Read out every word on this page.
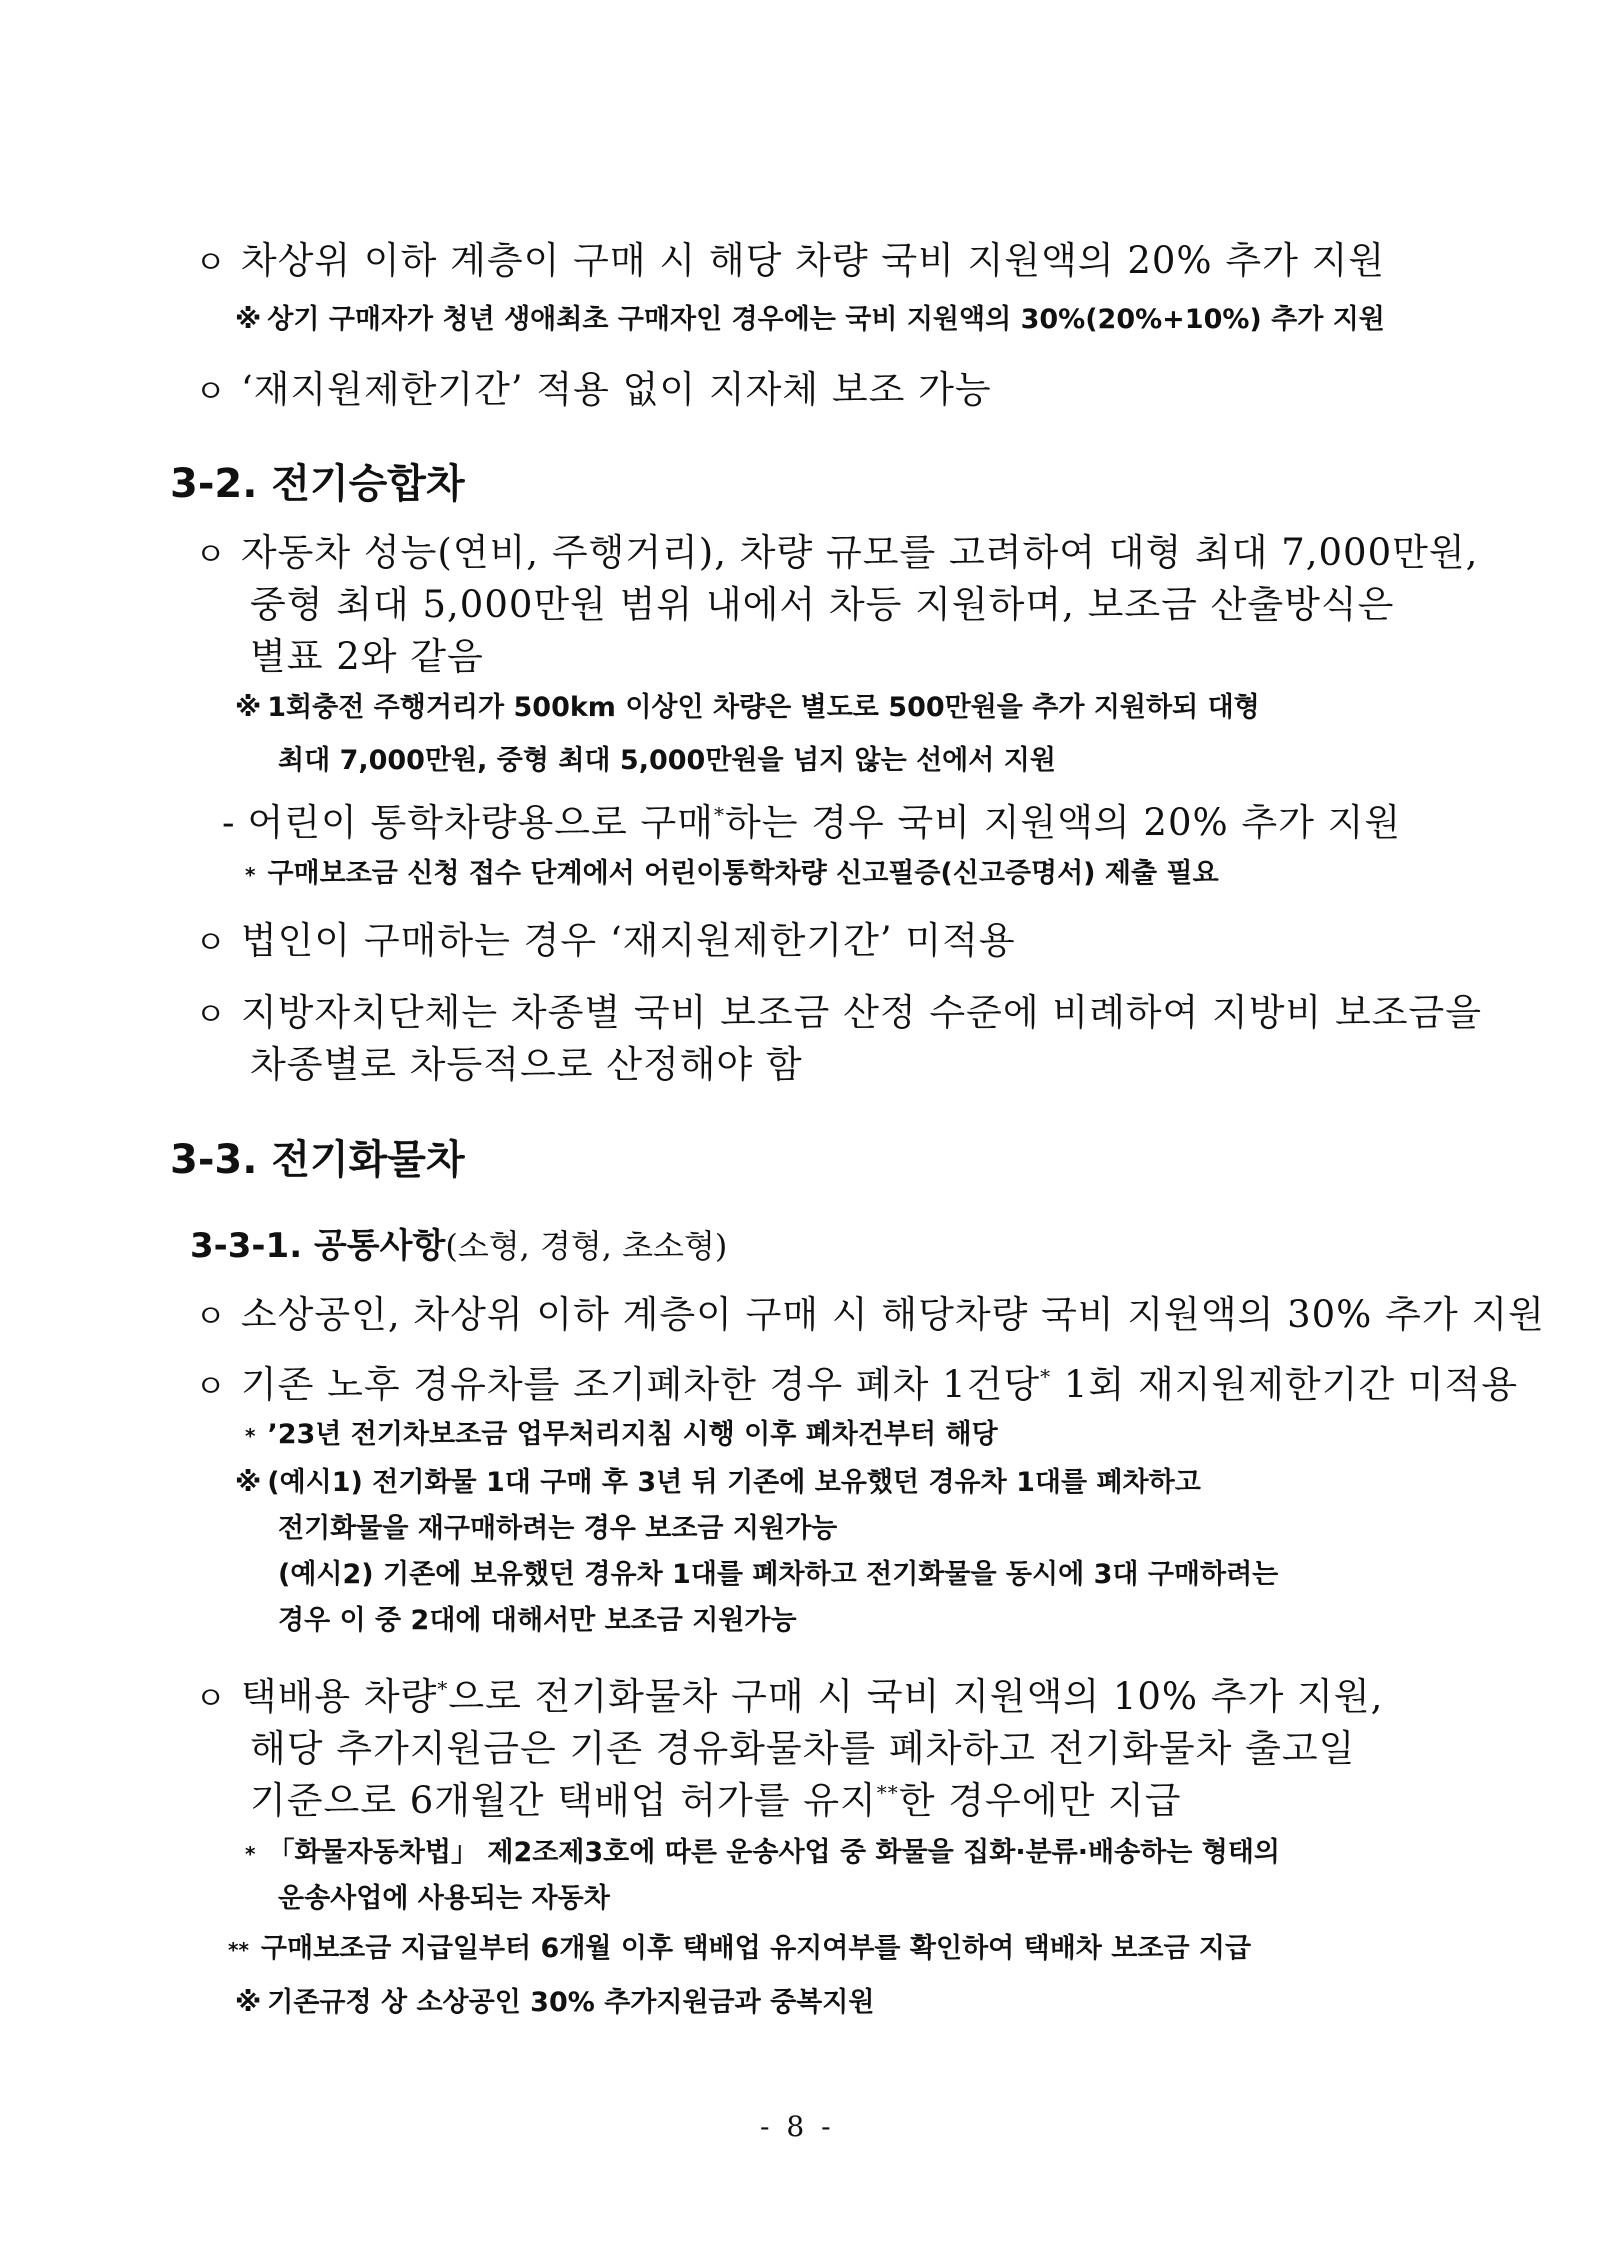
ㅇ 차상위 이하 계층이 구매 시 해당 차량 국비 지원액의 20% 추가 지원
※ 상기 구매자가 청년 생애최초 구매자인 경우에는 국비 지원액의 30%(20%+10%) 추가 지원
ㅇ ‘재지원제한기간’ 적용 없이 지자체 보조 가능
3-2. 전기승합차
ㅇ 자동차 성능(연비, 주행거리), 차량 규모를 고려하여 대형 최대 7,000만원,
중형 최대 5,000만원 범위 내에서 차등 지원하며, 보조금 산출방식은
별표 2와 같음
※ 1회충전 주행거리가 500km 이상인 차량은 별도로 500만원을 추가 지원하되 대형
최대 7,000만원, 중형 최대 5,000만원을 넘지 않는 선에서 지원
- 어린이 통학차량용으로 구매*하는 경우 국비 지원액의 20% 추가 지원
* 구매보조금 신청 접수 단계에서 어린이통학차량 신고필증(신고증명서) 제출 필요
ㅇ 법인이 구매하는 경우 ‘재지원제한기간’ 미적용
ㅇ 지방자치단체는 차종별 국비 보조금 산정 수준에 비례하여 지방비 보조금을
차종별로 차등적으로 산정해야 함
3-3. 전기화물차
3-3-1. 공통사항(소형, 경형, 초소형)
ㅇ 소상공인, 차상위 이하 계층이 구매 시 해당차량 국비 지원액의 30% 추가 지원
ㅇ 기존 노후 경유차를 조기폐차한 경우 폐차 1건당* 1회 재지원제한기간 미적용
* ’23년 전기차보조금 업무처리지침 시행 이후 폐차건부터 해당
※ (예시1) 전기화물 1대 구매 후 3년 뒤 기존에 보유했던 경유차 1대를 폐차하고
전기화물을 재구매하려는 경우 보조금 지원가능
(예시2) 기존에 보유했던 경유차 1대를 폐차하고 전기화물을 동시에 3대 구매하려는
경우 이 중 2대에 대해서만 보조금 지원가능
ㅇ 택배용 차량*으로 전기화물차 구매 시 국비 지원액의 10% 추가 지원,
해당 추가지원금은 기존 경유화물차를 폐차하고 전기화물차 출고일
기준으로 6개월간 택배업 허가를 유지**한 경우에만 지급
* 「화물자동차법」 제2조제3호에 따른 운송사업 중 화물을 집화·분류·배송하는 형태의
운송사업에 사용되는 자동차
** 구매보조금 지급일부터 6개월 이후 택배업 유지여부를 확인하여 택배차 보조금 지급
※ 기존규정 상 소상공인 30% 추가지원금과 중복지원
- 8 -
